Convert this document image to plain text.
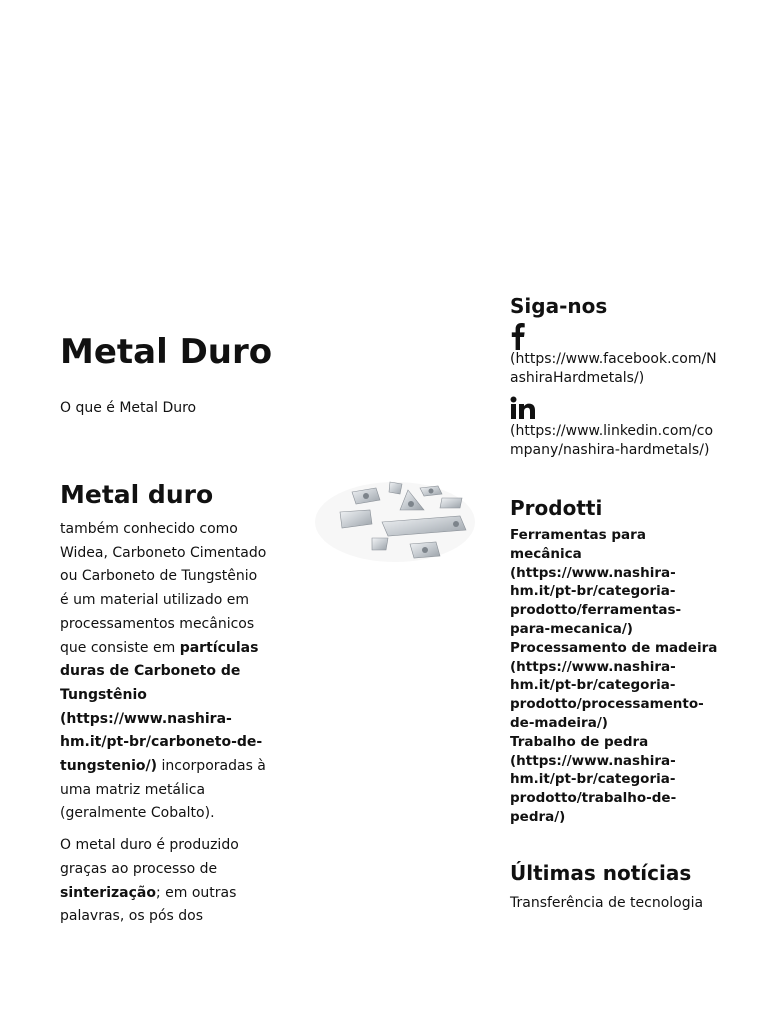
Metal Duro
O que é Metal Duro
Metal duro

também conhecido como Widea, Carboneto Cimentado ou Carboneto de Tungstênio é um material utilizado em processamentos mecânicos que consiste em partículas duras de Carboneto de Tungstênio (https://www.nashira-hm.it/pt-br/carboneto-de-tungstenio/) incorporadas à uma matriz metálica (geralmente Cobalto).

O metal duro é produzido graças ao processo de sinterização; em outras palavras, os pós dos

Siga-nos
(https://www.facebook.com/NashiraHardmetals/)
(https://www.linkedin.com/company/nashira-hardmetals/)
Prodotti
Ferramentas para mecânica (https://www.nashira-hm.it/pt-br/categoria-prodotto/ferramentas-para-mecanica/)
Processamento de madeira (https://www.nashira-hm.it/pt-br/categoria-prodotto/processamento-de-madeira/)
Trabalho de pedra (https://www.nashira-hm.it/pt-br/categoria-prodotto/trabalho-de-pedra/)
Últimas notícias
Transferência de tecnologia
